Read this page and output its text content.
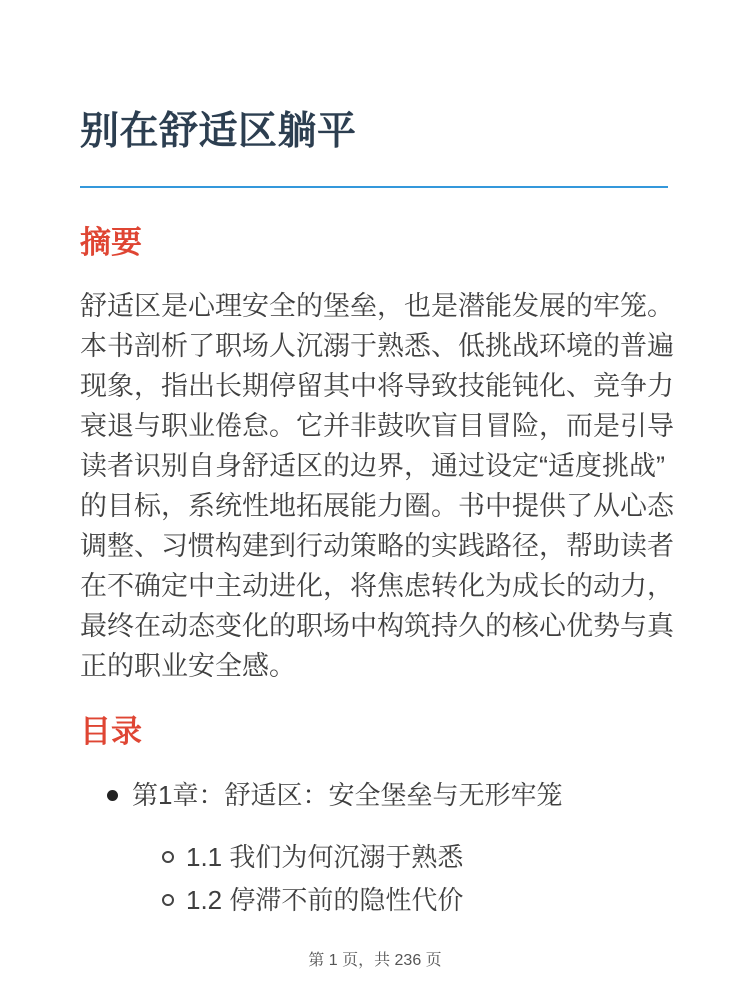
别在舒适区躺平
摘要

舒适区是心理安全的堡垒，也是潜能发展的牢笼。本书剖析了职场人沉溺于熟悉、低挑战环境的普遍现象，指出长期停留其中将导致技能钝化、竞争力衰退与职业倦怠。它并非鼓吹盲目冒险，而是引导读者识别自身舒适区的边界，通过设定“适度挑战”的目标，系统性地拓展能力圈。书中提供了从心态调整、习惯构建到行动策略的实践路径，帮助读者在不确定中主动进化，将焦虑转化为成长的动力，最终在动态变化的职场中构筑持久的核心优势与真正的职业安全感。

目录
第1章：舒适区：安全堡垒与无形牢笼
1.1 我们为何沉溺于熟悉
1.2 停滞不前的隐性代价
第 1 页，共 236 页
